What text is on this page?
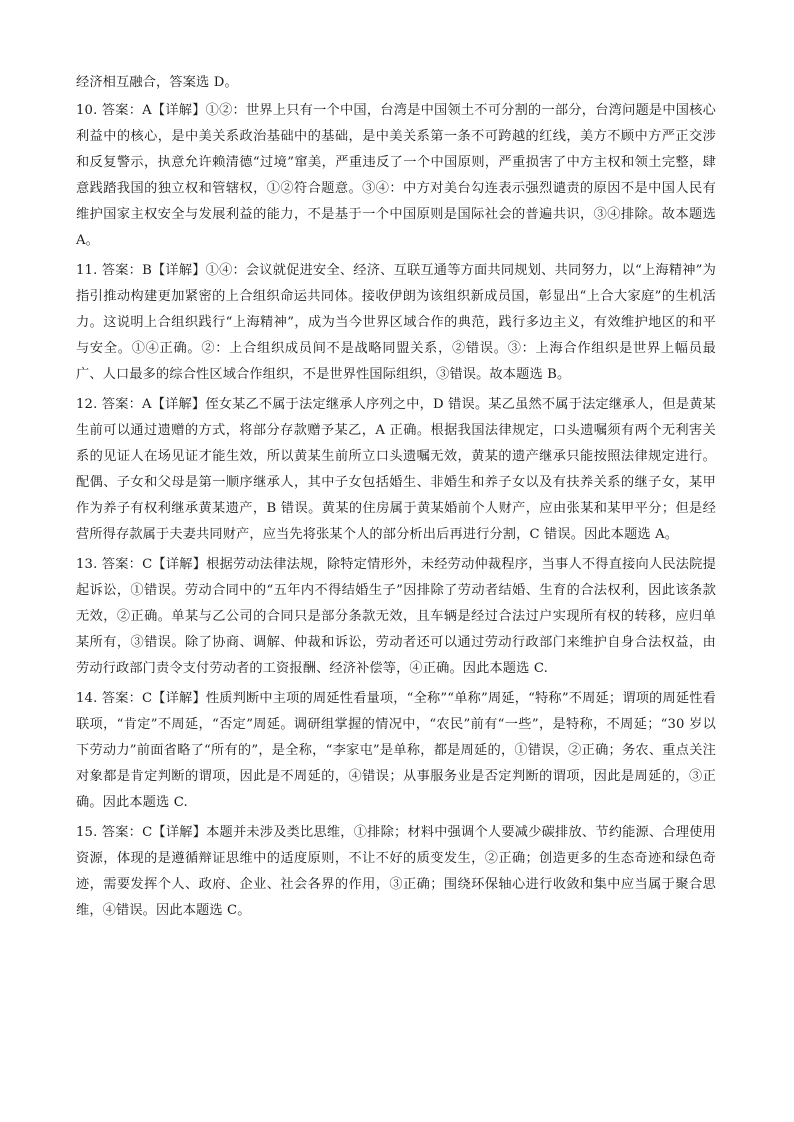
经济相互融合，答案选 D。

10. 答案：A【详解】①②：世界上只有一个中国，台湾是中国领土不可分割的一部分，台湾问题是中国核心利益中的核心，是中美关系政治基础中的基础，是中美关系第一条不可跨越的红线，美方不顾中方严正交涉和反复警示，执意允许赖清德“过境”窜美，严重违反了一个中国原则，严重损害了中方主权和领土完整，肆意践踏我国的独立权和管辖权，①②符合题意。③④：中方对美台勾连表示强烈谴责的原因不是中国人民有维护国家主权安全与发展利益的能力，不是基于一个中国原则是国际社会的普遍共识，③④排除。故本题选 A。

11. 答案：B【详解】①④：会议就促进安全、经济、互联互通等方面共同规划、共同努力，以“上海精神”为指引推动构建更加紧密的上合组织命运共同体。接收伊朗为该组织新成员国，彰显出“上合大家庭”的生机活力。这说明上合组织践行“上海精神”，成为当今世界区域合作的典范，践行多边主义，有效维护地区的和平与安全。①④正确。②：上合组织成员间不是战略同盟关系，②错误。③：上海合作组织是世界上幅员最广、人口最多的综合性区域合作组织，不是世界性国际组织，③错误。故本题选 B。

12. 答案：A【详解】侄女某乙不属于法定继承人序列之中，D 错误。某乙虽然不属于法定继承人，但是黄某生前可以通过遗赠的方式，将部分存款赠予某乙，A 正确。根据我国法律规定，口头遗嘱须有两个无利害关系的见证人在场见证才能生效，所以黄某生前所立口头遗嘱无效，黄某的遗产继承只能按照法律规定进行。配偶、子女和父母是第一顺序继承人，其中子女包括婚生、非婚生和养子女以及有扶养关系的继子女，某甲作为养子有权利继承黄某遗产，B 错误。黄某的住房属于黄某婚前个人财产，应由张某和某甲平分；但是经营所得存款属于夫妻共同财产，应当先将张某个人的部分析出后再进行分割，C 错误。因此本题选 A。

13. 答案：C【详解】根据劳动法律法规，除特定情形外，未经劳动仲裁程序，当事人不得直接向人民法院提起诉讼，①错误。劳动合同中的“五年内不得结婚生子”因排除了劳动者结婚、生育的合法权利，因此该条款无效，②正确。单某与乙公司的合同只是部分条款无效，且车辆是经过合法过户实现所有权的转移，应归单某所有，③错误。除了协商、调解、仲裁和诉讼，劳动者还可以通过劳动行政部门来维护自身合法权益，由劳动行政部门责令支付劳动者的工资报酬、经济补偿等，④正确。因此本题选 C.

14. 答案：C【详解】性质判断中主项的周延性看量项，“全称”“单称”周延，“特称”不周延；谓项的周延性看联项，“肯定”不周延，“否定”周延。调研组掌握的情况中，“农民”前有“一些”，是特称，不周延；“30 岁以下劳动力”前面省略了“所有的”，是全称，“李家屯”是单称，都是周延的，①错误，②正确；务农、重点关注对象都是肯定判断的谓项，因此是不周延的，④错误；从事服务业是否定判断的谓项，因此是周延的，③正确。因此本题选 C.

15. 答案：C【详解】本题并未涉及类比思维，①排除；材料中强调个人要减少碳排放、节约能源、合理使用资源，体现的是遵循辩证思维中的适度原则，不让不好的质变发生，②正确；创造更多的生态奇迹和绿色奇迹，需要发挥个人、政府、企业、社会各界的作用，③正确；围绕环保轴心进行收敛和集中应当属于聚合思维，④错误。因此本题选 C。
